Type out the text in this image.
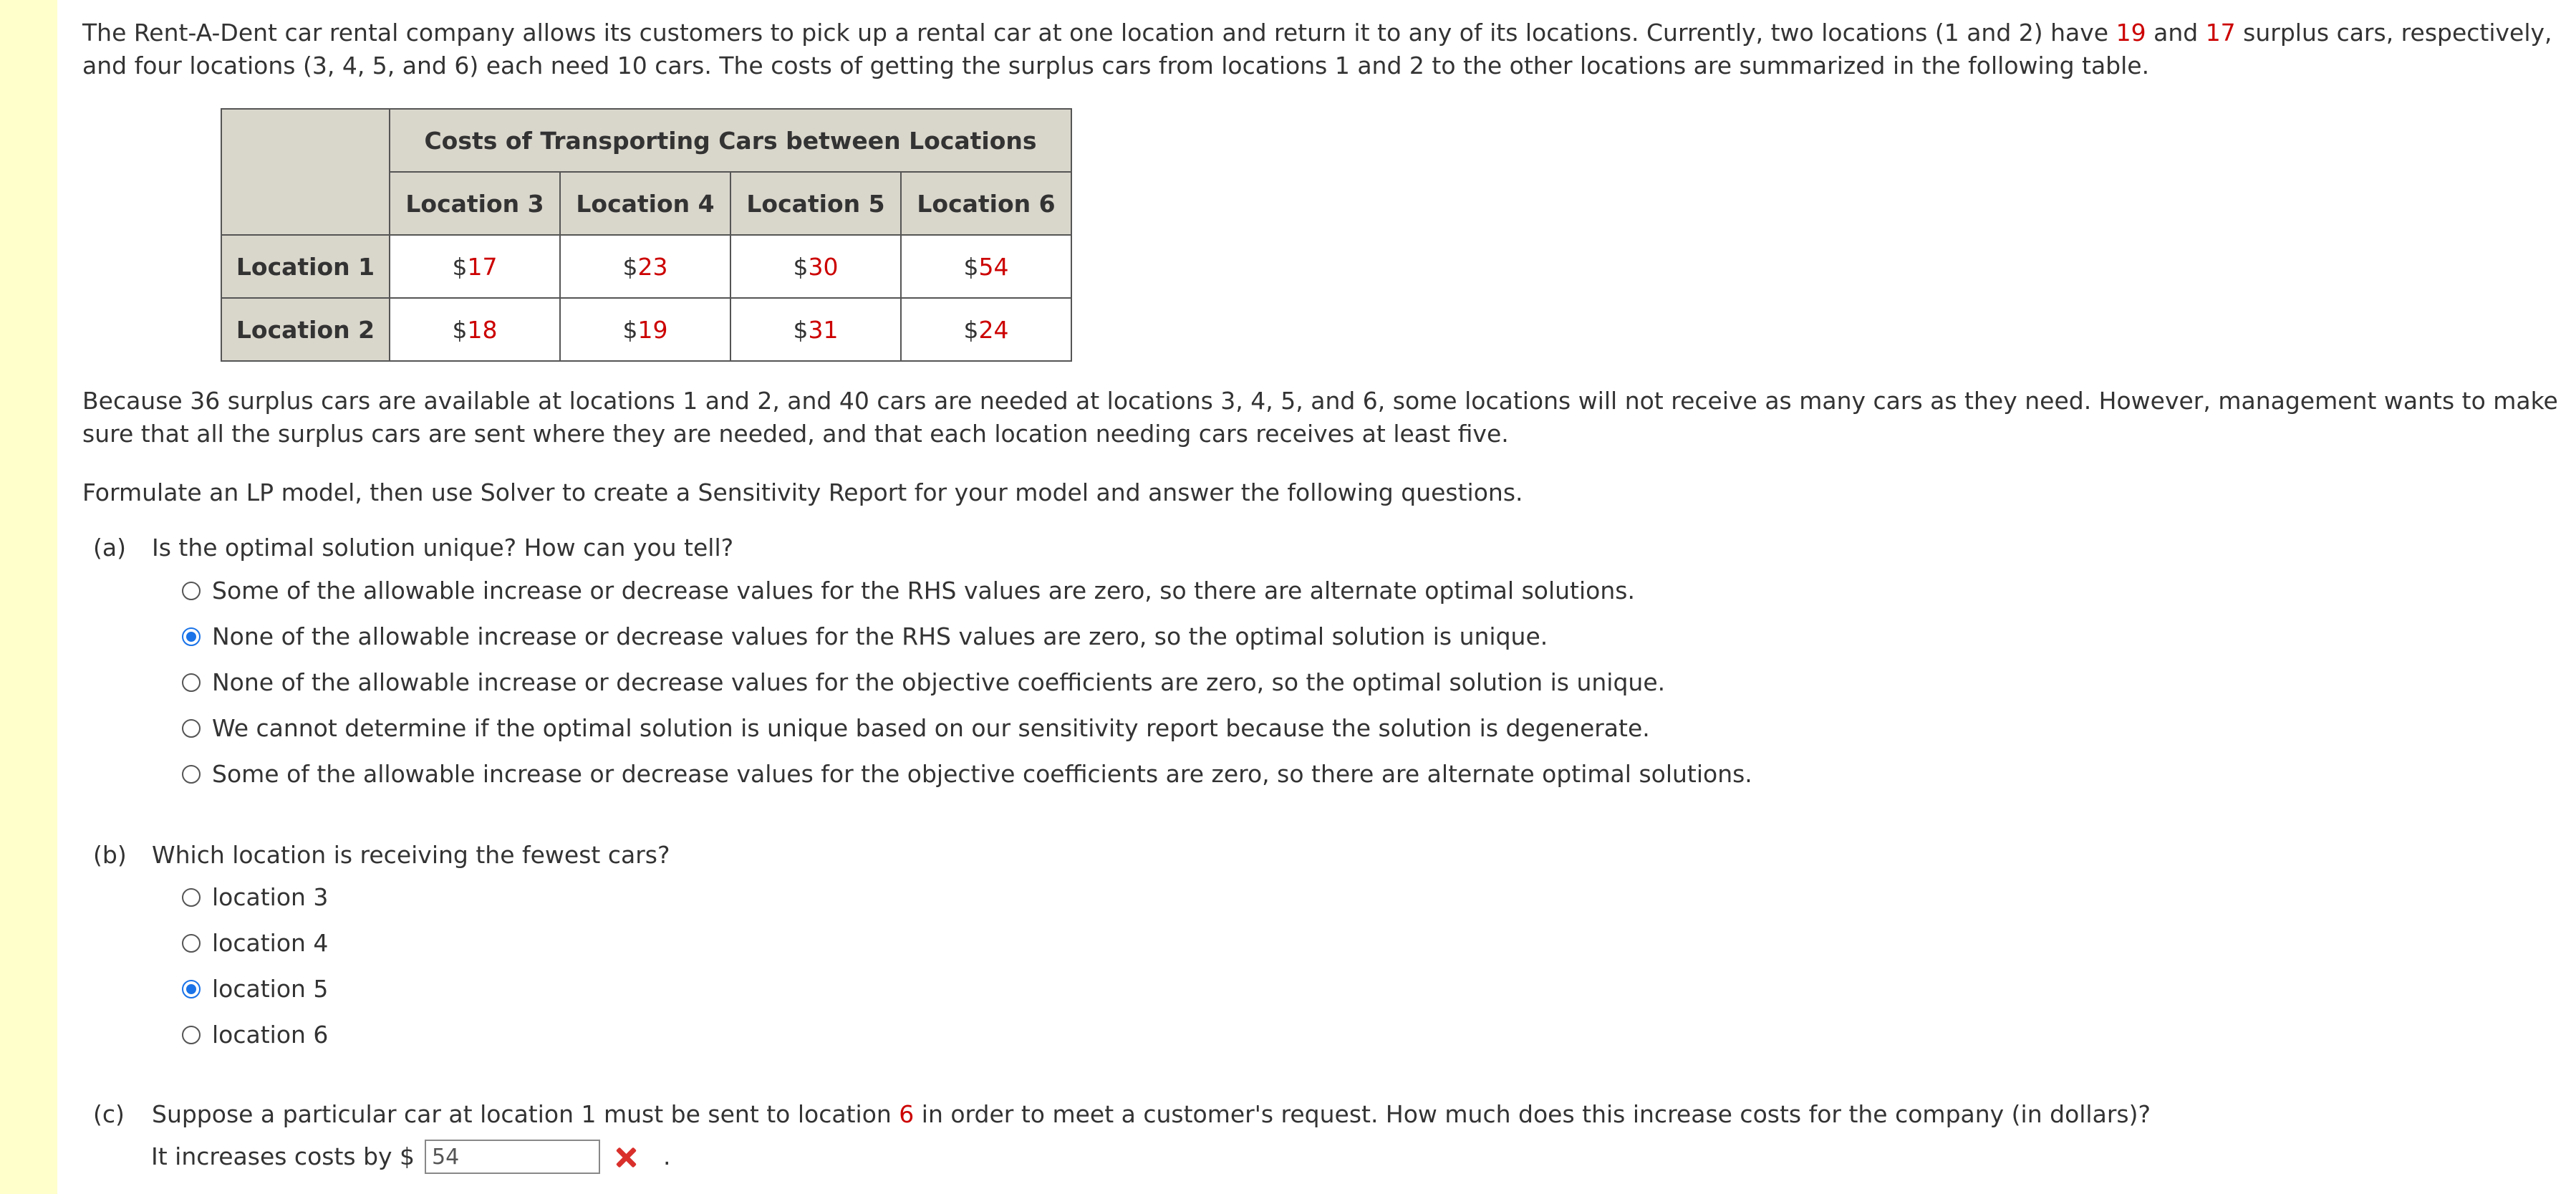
The Rent-A-Dent car rental company allows its customers to pick up a rental car at one location and return it to any of its locations. Currently, two locations (1 and 2) have 19 and 17 surplus cars, respectively, and four locations (3, 4, 5, and 6) each need 10 cars. The costs of getting the surplus cars from locations 1 and 2 to the other locations are summarized in the following table.

	Costs of Transporting Cars between Locations			
	Location 3	Location 4	Location 5	Location 6
Location 1	$17	$23	$30	$54
Location 2	$18	$19	$31	$24

Because 36 surplus cars are available at locations 1 and 2, and 40 cars are needed at locations 3, 4, 5, and 6, some locations will not receive as many cars as they need. However, management wants to make sure that all the surplus cars are sent where they are needed, and that each location needing cars receives at least five.

Formulate an LP model, then use Solver to create a Sensitivity Report for your model and answer the following questions.

(a) Is the optimal solution unique? How can you tell?
Some of the allowable increase or decrease values for the RHS values are zero, so there are alternate optimal solutions.
None of the allowable increase or decrease values for the RHS values are zero, so the optimal solution is unique.
None of the allowable increase or decrease values for the objective coefficients are zero, so the optimal solution is unique.
We cannot determine if the optimal solution is unique based on our sensitivity report because the solution is degenerate.
Some of the allowable increase or decrease values for the objective coefficients are zero, so there are alternate optimal solutions.
(b) Which location is receiving the fewest cars?
location 3
location 4
location 5
location 6
(c) Suppose a particular car at location 1 must be sent to location 6 in order to meet a customer's request. How much does this increase costs for the company (in dollars)?
It increases costs by $
54	.
